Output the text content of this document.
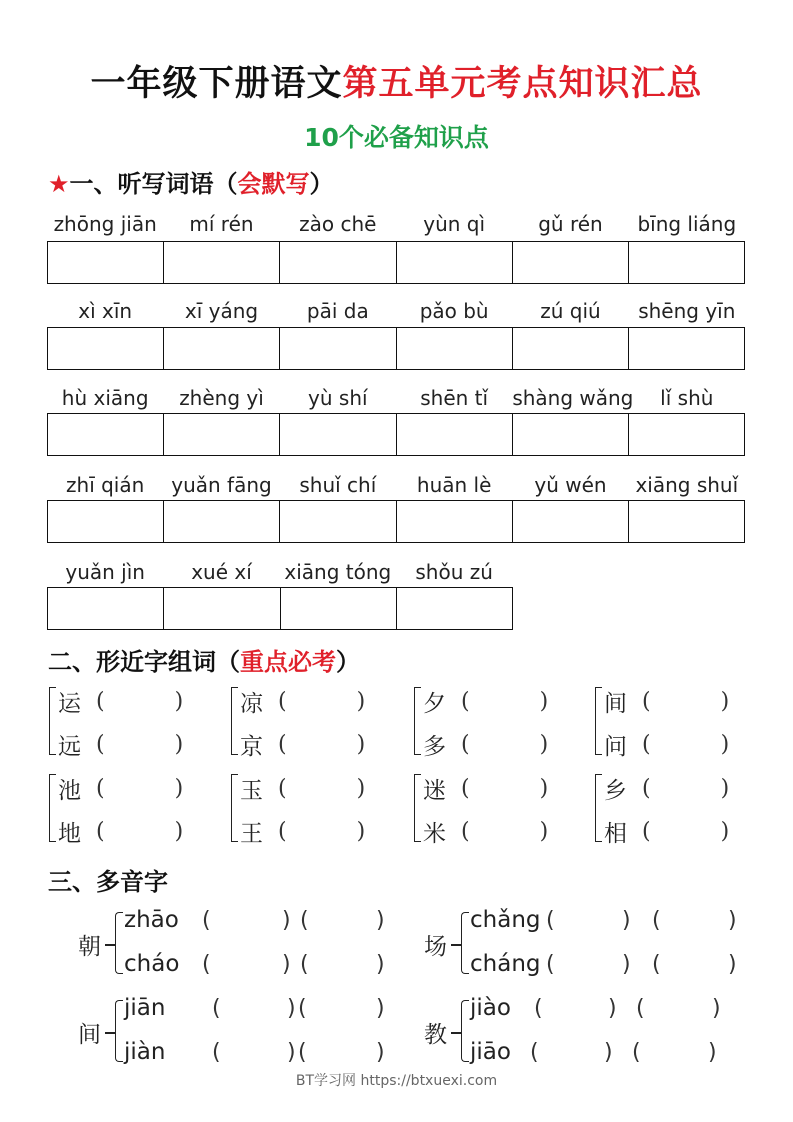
一年级下册语文第五单元考点知识汇总
10个必备知识点
★一、听写词语（会默写）
zhōng jiān	mí rén	zào chē	yùn qì	gǔ rén	bīng liáng
xì xīn	xī yáng	pāi da	pǎo bù	zú qiú	shēng yīn
hù xiāng	zhèng yì	yù shí	shēn tǐ	shàng wǎng	lǐ shù
zhī qián	yuǎn fāng	shuǐ chí	huān lè	yǔ wén	xiāng shuǐ
yuǎn jìn	xué xí	xiāng tóng	shǒu zú
二、形近字组词（重点必考）
运 (	)
远 (	)
凉 (	)
京 (	)
夕 (	)
多 (	)
间 (	)
问 (	)
池 (	)
地 (	)
玉 (	)
王 (	)
迷 (	)
米 (	)
乡 (	)
相 (	)
三、多音字
朝
zhāo (	) (	)
cháo (	) (	)
场
chǎng (	) (	)
cháng (	) (	)
间
jiān (	) (	)
jiàn (	) (	)
教
jiào (	) (	)
jiāo (	) (	)
BT学习网 https://btxuexi.com
